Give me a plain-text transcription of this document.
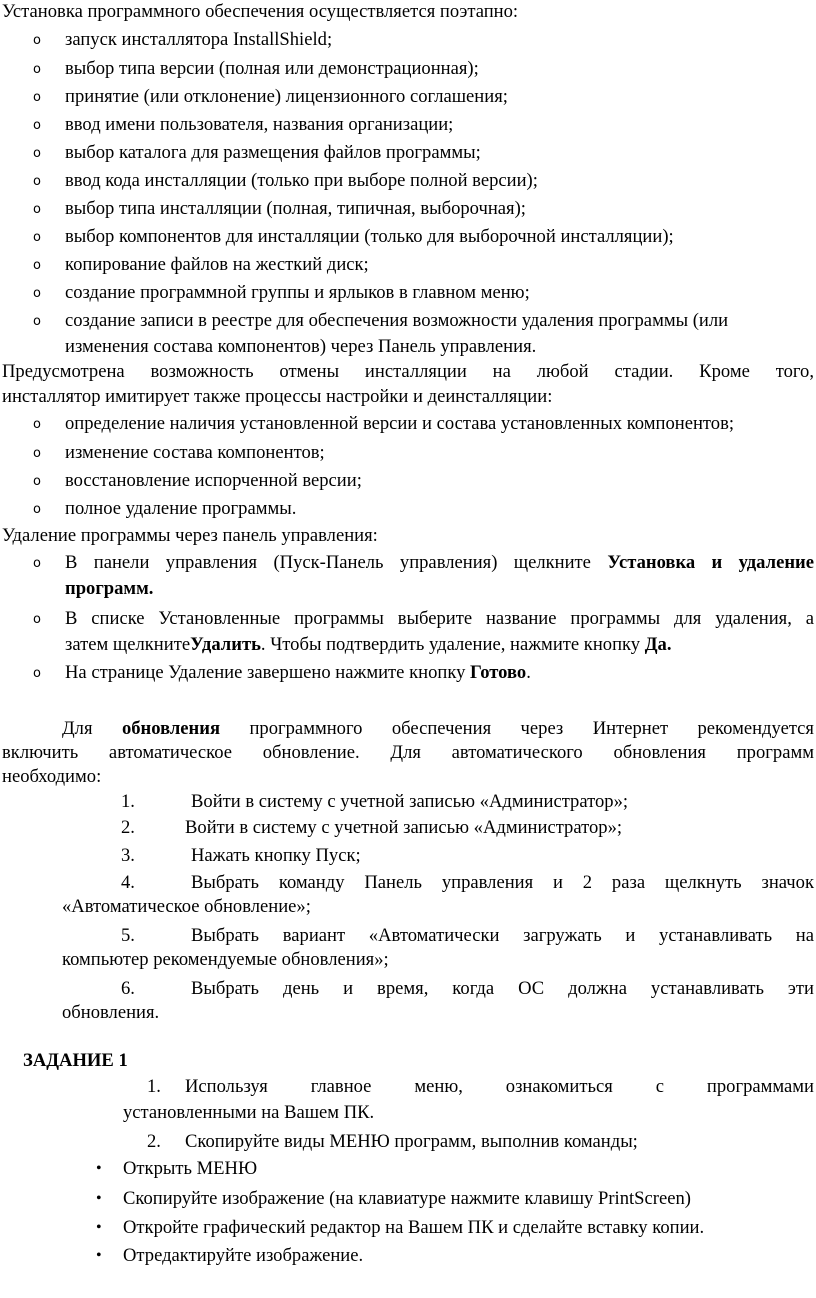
Установка программного обеспечения осуществляется поэтапно:
o запуск инсталлятора InstallShield;
o выбор типа версии (полная или демонстрационная);
o принятие (или отклонение) лицензионного соглашения;
o ввод имени пользователя, названия организации;
o выбор каталога для размещения файлов программы;
o ввод кода инсталляции (только при выборе полной версии);
o выбор типа инсталляции (полная, типичная, выборочная);
o выбор компонентов для инсталляции (только для выборочной инсталляции);
o копирование файлов на жесткий диск;
o создание программной группы и ярлыков в главном меню;
o создание записи в реестре для обеспечения возможности удаления программы (или
изменения состава компонентов) через Панель управления.
Предусмотрена возможность отмены инсталляции на любой стадии. Кроме того,
инсталлятор имитирует также процессы настройки и деинсталляции:
o определение наличия установленной версии и состава установленных компонентов;
o изменение состава компонентов;
o восстановление испорченной версии;
o полное удаление программы.
Удаление программы через панель управления:
o В панели управления (Пуск-Панель управления) щелкните Установка и удаление
программ.
o В списке Установленные программы выберите название программы для удаления, а
затем щелкнитеУдалить. Чтобы подтвердить удаление, нажмите кнопку Да.
o На странице Удаление завершено нажмите кнопку Готово.
Для обновления программного обеспечения через Интернет рекомендуется
включить автоматическое обновление. Для автоматического обновления программ
необходимо:
1.	Войти в систему с учетной записью «Администратор»;
2.	Войти в систему с учетной записью «Администратор»;
3.	Нажать кнопку Пуск;
4.	Выбрать команду Панель управления и 2 раза щелкнуть значок
«Автоматическое обновление»;
5.	Выбрать вариант «Автоматически загружать и устанавливать на
компьютер рекомендуемые обновления»;
6.	Выбрать день и время, когда ОС должна устанавливать эти
обновления.
ЗАДАНИЕ 1
1. Используя главное меню, ознакомиться с программами
установленными на Вашем ПК.
2. Скопируйте виды МЕНЮ программ, выполнив команды;
• Открыть МЕНЮ
• Скопируйте изображение (на клавиатуре нажмите клавишу PrintScreen)
• Откройте графический редактор на Вашем ПК и сделайте вставку копии.
• Отредактируйте изображение.
